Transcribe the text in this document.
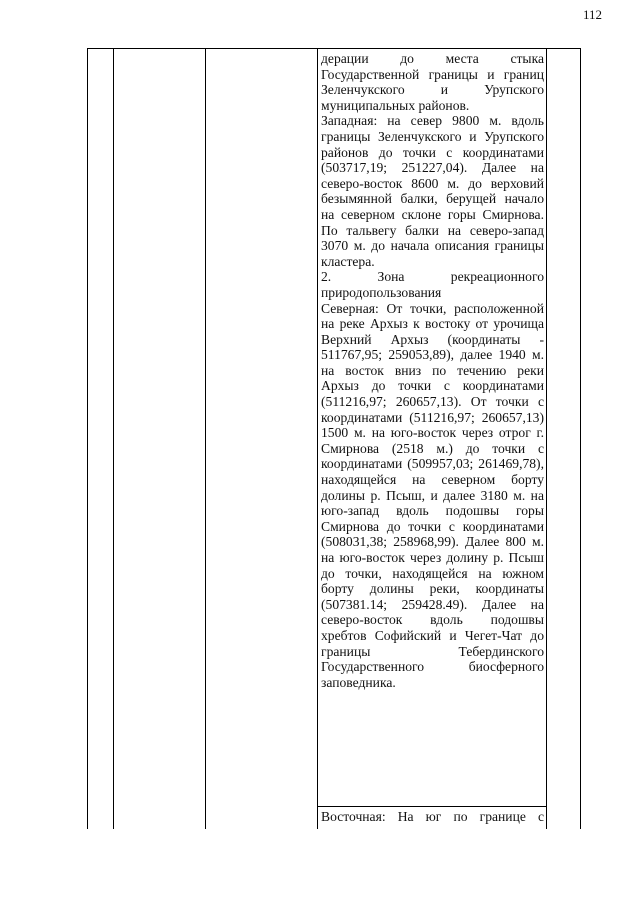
112

дерации до места стыка Государственной границы и границ Зеленчукского и Урупского муниципальных районов.

Западная: на север 9800 м. вдоль границы Зеленчукского и Урупского районов до точки с координатами (503717,19; 251227,04). Далее на северо-восток 8600 м. до верховий безымянной балки, берущей начало на северном склоне горы Смирнова. По тальвегу балки на северо-запад 3070 м. до начала описания границы кластера.

2. Зона рекреационного природопользования

Северная: От точки, расположенной на реке Архыз к востоку от урочища Верхний Архыз (координаты - 511767,95; 259053,89), далее 1940 м. на восток вниз по течению реки Архыз до точки с координатами (511216,97; 260657,13). От точки с координатами (511216,97; 260657,13) 1500 м. на юго-восток через отрог г. Смирнова (2518 м.) до точки с координатами (509957,03; 261469,78), находящейся на северном борту долины р. Псыш, и далее 3180 м. на юго-запад вдоль подошвы горы Смирнова до точки с координатами (508031,38; 258968,99). Далее 800 м. на юго-восток через долину р. Псыш до точки, находящейся на южном борту долины реки, координаты (507381.14; 259428.49). Далее на северо-восток вдоль подошвы хребтов Софийский и Чегет-Чат до границы Тебердинского Государственного биосферного заповедника.

Восточная: На юг по границе с
